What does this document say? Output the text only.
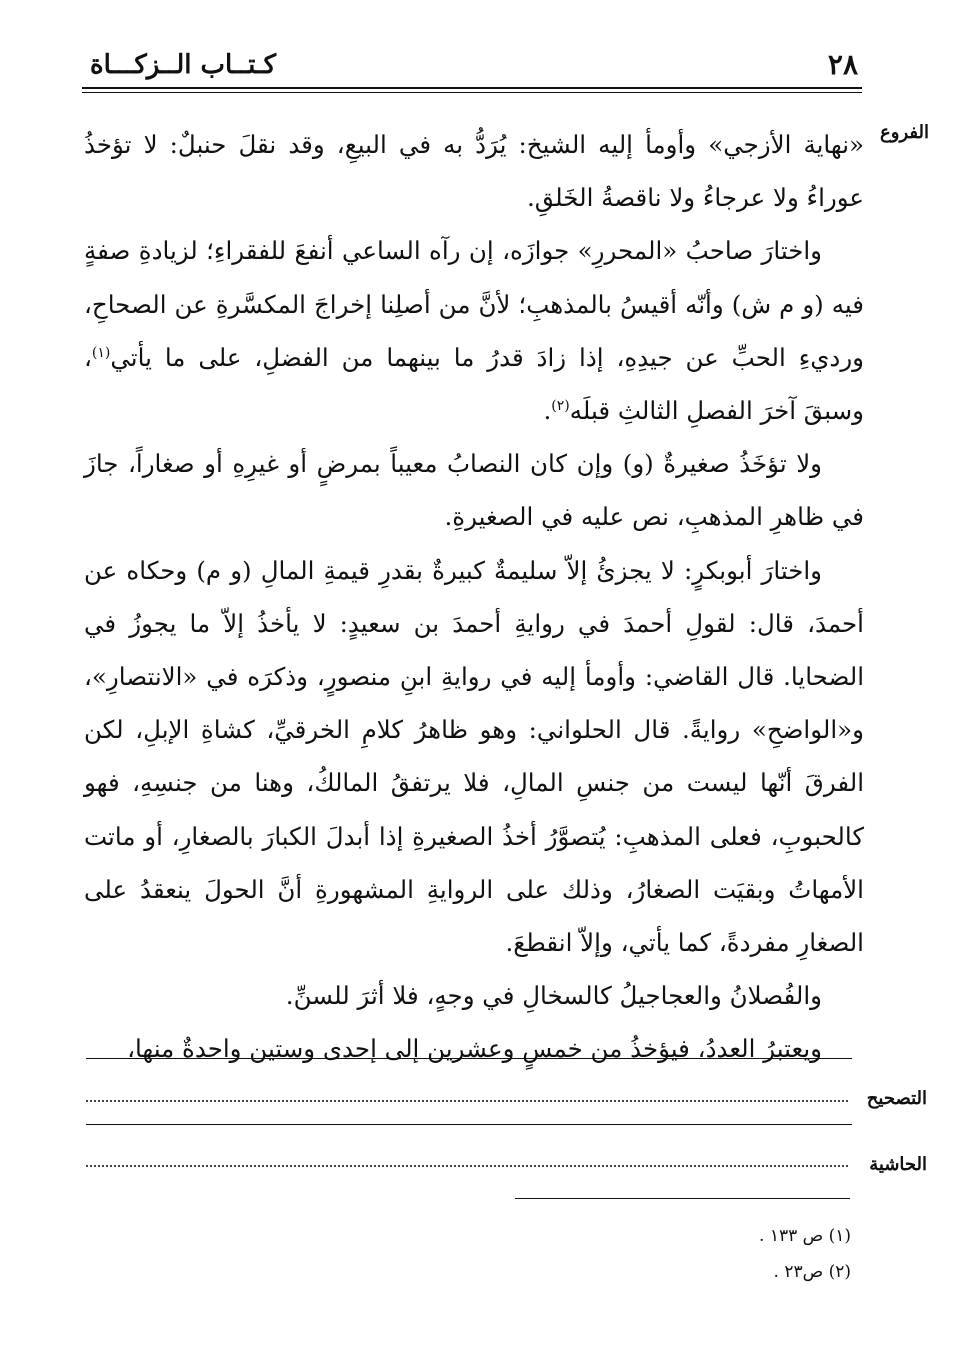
كـتــاب الــزكـــاة	٢٨
الفروع

«نهاية الأزجي» وأومأ إليه الشيخ: يُرَدُّ به في البيعِ، وقد نقلَ حنبلٌ: لا تؤخذُ عوراءُ ولا عرجاءُ ولا ناقصةُ الخَلقِ.

واختارَ صاحبُ «المحررِ» جوازَه، إن رآه الساعي أنفعَ للفقراءِ؛ لزيادةِ صفةٍ فيه (و م ش) وأنّه أقيسُ بالمذهبِ؛ لأنَّ من أصلِنا إخراجَ المكسَّرةِ عن الصحاحِ، ورديءِ الحبِّ عن جيدِهِ، إذا زادَ قدرُ ما بينهما من الفضلِ، على ما يأتي$^{(١)}$، وسبقَ آخرَ الفصلِ الثالثِ قبلَه$^{(٢)}$.

ولا تؤخَذُ صغيرةٌ (و) وإن كان النصابُ معيباً بمرضٍ أو غيرِهِ أو صغاراً، جازَ في ظاهرِ المذهبِ، نص عليه في الصغيرةِ.

واختارَ أبوبكرٍ: لا يجزئُ إلاّ سليمةٌ كبيرةٌ بقدرِ قيمةِ المالِ (و م) وحكاه عن أحمدَ، قال: لقولِ أحمدَ في روايةِ أحمدَ بن سعيدٍ: لا يأخذُ إلاّ ما يجوزُ في الضحايا. قال القاضي: وأومأ إليه في روايةِ ابنِ منصورٍ، وذكرَه في «الانتصارِ»، و«الواضحِ» روايةً. قال الحلواني: وهو ظاهرُ كلامِ الخرقيِّ، كشاةِ الإبلِ، لكن الفرقَ أنّها ليست من جنسِ المالِ، فلا يرتفقُ المالكُ، وهنا من جنسِهِ، فهو كالحبوبِ، فعلى المذهبِ: يُتصوَّرُ أخذُ الصغيرةِ إذا أبدلَ الكبارَ بالصغارِ، أو ماتت الأمهاتُ وبقيَت الصغارُ، وذلك على الروايةِ المشهورةِ أنَّ الحولَ ينعقدُ على الصغارِ مفردةً، كما يأتي، وإلاّ انقطعَ.

والفُصلانُ والعجاجيلُ كالسخالِ في وجهٍ، فلا أثرَ للسنِّ.

ويعتبرُ العددُ، فيؤخذُ من خمسٍ وعشرين إلى إحدى وستين واحدةٌ منها،

التصحيح
الحاشية
(١) ص ١٣٣ .
(٢) ص٢٣ .
